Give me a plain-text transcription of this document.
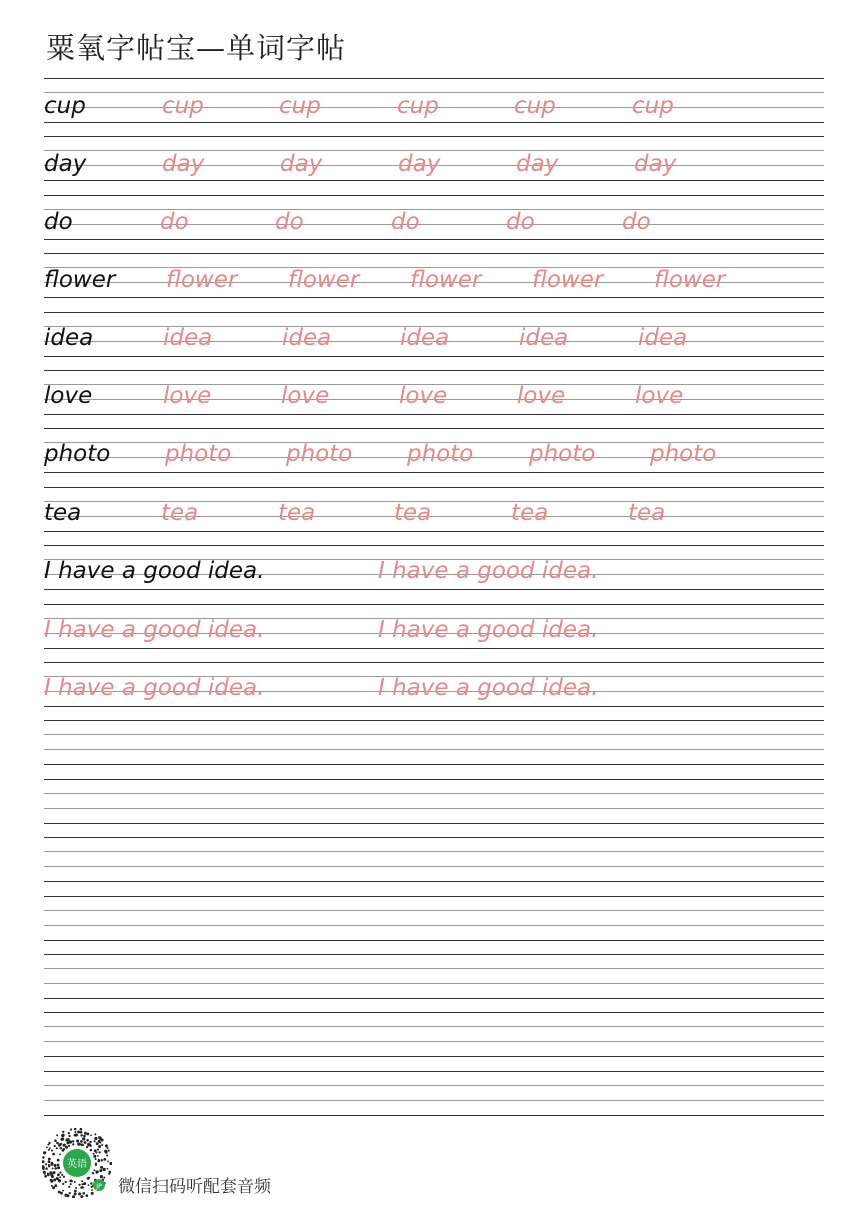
粟氧字帖宝—单词字帖
cup	cup	cup	cup	cup	cup
day	day	day	day	day	day
do	do	do	do	do	do
flower flower flower flower flower flower
idea	idea	idea	idea	idea	idea
love	love	love	love	love	love
photo photo photo photo photo photo
tea	tea	tea	tea	tea	tea
I have a good idea.	I have a good idea.
I have a good idea.	I have a good idea.
I have a good idea.	I have a good idea.
英语
JP 微信扫码听配套音频
